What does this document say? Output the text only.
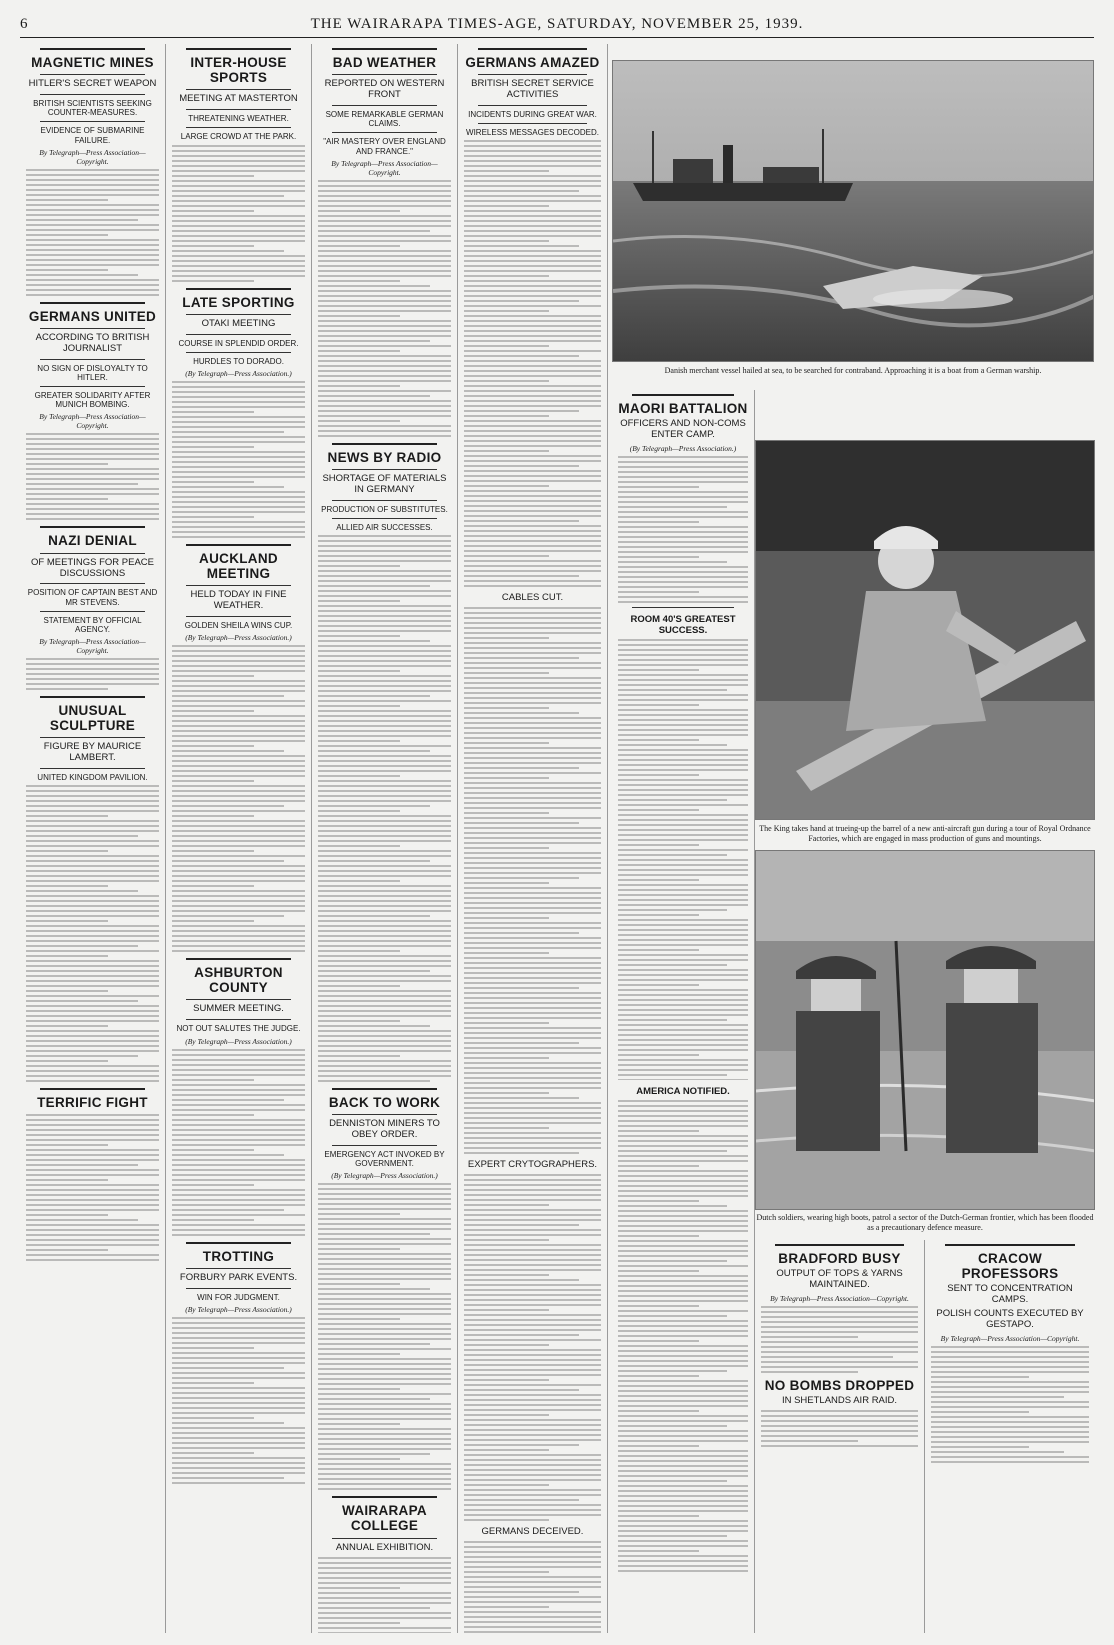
6	THE WAIRARAPA TIMES-AGE, SATURDAY, NOVEMBER 25, 1939.
MAGNETIC MINES
HITLER'S SECRET WEAPON
BRITISH SCIENTISTS SEEKING COUNTER-MEASURES.
EVIDENCE OF SUBMARINE FAILURE.
By Telegraph—Press Association—Copyright.
GERMANS UNITED
ACCORDING TO BRITISH JOURNALIST
NO SIGN OF DISLOYALTY TO HITLER.
GREATER SOLIDARITY AFTER MUNICH BOMBING.
By Telegraph—Press Association—Copyright.
NAZI DENIAL
OF MEETINGS FOR PEACE DISCUSSIONS
POSITION OF CAPTAIN BEST AND MR STEVENS.
STATEMENT BY OFFICIAL AGENCY.
By Telegraph—Press Association—Copyright.
UNUSUAL SCULPTURE
FIGURE BY MAURICE LAMBERT.
UNITED KINGDOM PAVILION.
TERRIFIC FIGHT
INTER-HOUSE SPORTS
MEETING AT MASTERTON
THREATENING WEATHER.
LARGE CROWD AT THE PARK.
LATE SPORTING
OTAKI MEETING
COURSE IN SPLENDID ORDER.
HURDLES TO DORADO.
(By Telegraph—Press Association.)
AUCKLAND MEETING
HELD TODAY IN FINE WEATHER.
GOLDEN SHEILA WINS CUP.
(By Telegraph—Press Association.)
ASHBURTON COUNTY
SUMMER MEETING.
NOT OUT SALUTES THE JUDGE.
(By Telegraph—Press Association.)
TROTTING
FORBURY PARK EVENTS.
WIN FOR JUDGMENT.
(By Telegraph—Press Association.)
BAD WEATHER
REPORTED ON WESTERN FRONT
SOME REMARKABLE GERMAN CLAIMS.
"AIR MASTERY OVER ENGLAND AND FRANCE."
By Telegraph—Press Association—Copyright.
NEWS BY RADIO
SHORTAGE OF MATERIALS IN GERMANY
PRODUCTION OF SUBSTITUTES.
ALLIED AIR SUCCESSES.
BACK TO WORK
DENNISTON MINERS TO OBEY ORDER.
EMERGENCY ACT INVOKED BY GOVERNMENT.
(By Telegraph—Press Association.)
WAIRARAPA COLLEGE
ANNUAL EXHIBITION.
GERMANS AMAZED
BRITISH SECRET SERVICE ACTIVITIES
INCIDENTS DURING GREAT WAR.
WIRELESS MESSAGES DECODED.
CABLES CUT.
EXPERT CRYTOGRAPHERS.
GERMANS DECEIVED.
Danish merchant vessel hailed at sea, to be searched for contraband. Approaching it is a boat from a German warship.
The King takes hand at trueing-up the barrel of a new anti-aircraft gun during a tour of Royal Ordnance Factories, which are engaged in mass production of guns and mountings.
Dutch soldiers, wearing high boots, patrol a sector of the Dutch-German frontier, which has been flooded as a precautionary defence measure.
MAORI BATTALION
OFFICERS AND NON-COMS ENTER CAMP.
(By Telegraph—Press Association.)
ROOM 40'S GREATEST SUCCESS.
AMERICA NOTIFIED.
BRADFORD BUSY
OUTPUT OF TOPS & YARNS MAINTAINED.
By Telegraph—Press Association—Copyright.
NO BOMBS DROPPED
IN SHETLANDS AIR RAID.
CRACOW PROFESSORS
SENT TO CONCENTRATION CAMPS.
POLISH COUNTS EXECUTED BY GESTAPO.
By Telegraph—Press Association—Copyright.
